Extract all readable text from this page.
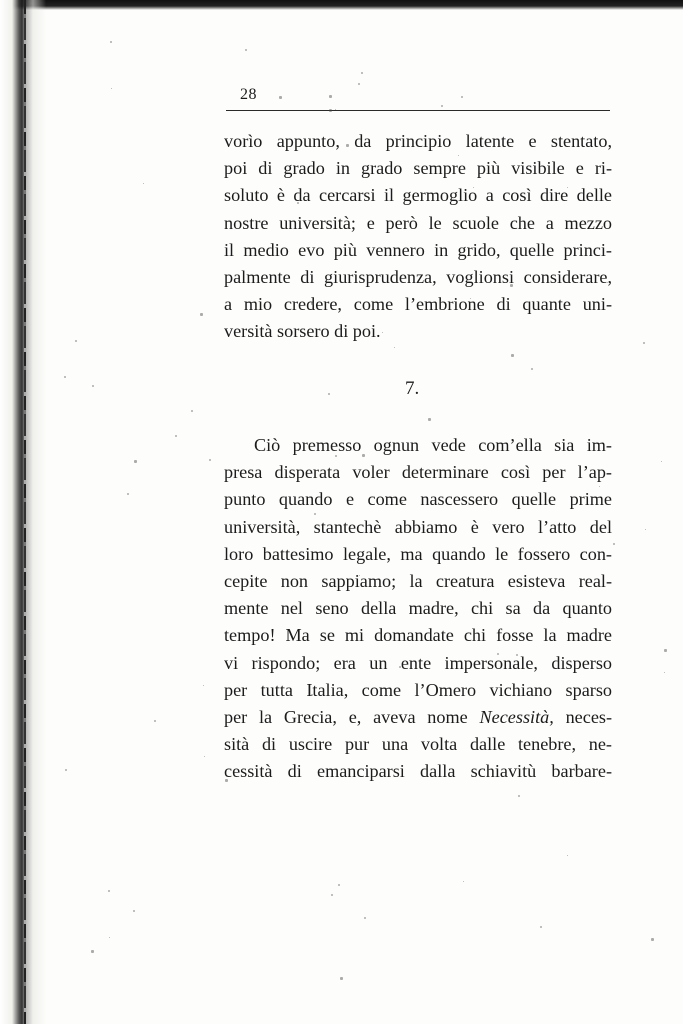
28
vorìo appunto, da principio latente e stentato,
poi di grado in grado sempre più visibile e ri-
soluto è da cercarsi il germoglio a così dire delle
nostre università; e però le scuole che a mezzo
il medio evo più vennero in grido, quelle princi-
palmente di giurisprudenza, voglionsi considerare,
a mio credere, come l’embrione di quante uni-
versità sorsero di poi.
7.
Ciò premesso ognun vede com’ella sia im-
presa disperata voler determinare così per l’ap-
punto quando e come nascessero quelle prime
università, stantechè abbiamo è vero l’atto del
loro battesimo legale, ma quando le fossero con-
cepite non sappiamo; la creatura esisteva real-
mente nel seno della madre, chi sa da quanto
tempo! Ma se mi domandate chi fosse la madre
vi rispondo; era un ente impersonale, disperso
per tutta Italia, come l’Omero vichiano sparso
per la Grecia, e, aveva nome Necessità, neces-
sità di uscire pur una volta dalle tenebre, ne-
cessità di emanciparsi dalla schiavitù barbare-
